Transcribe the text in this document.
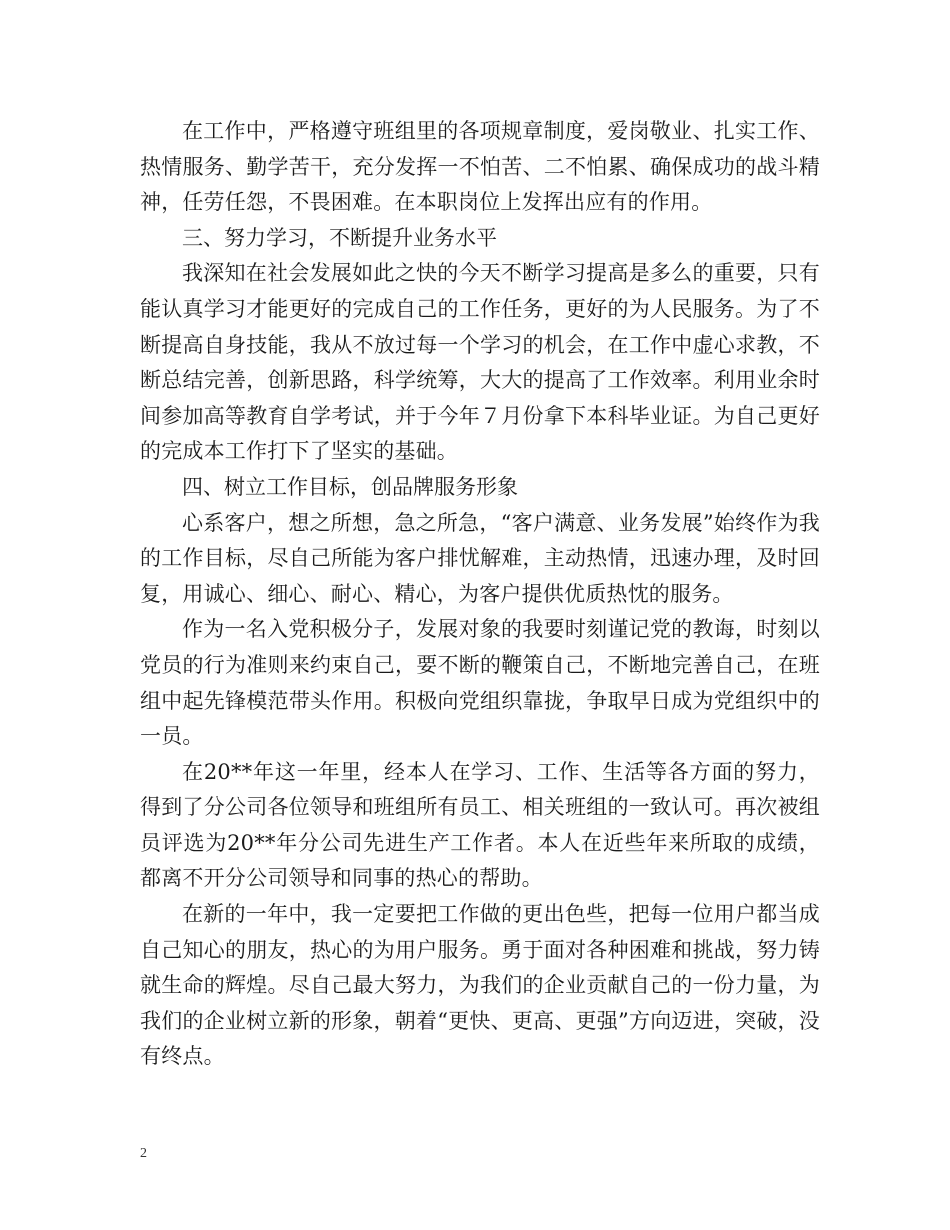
在工作中，严格遵守班组里的各项规章制度，爱岗敬业、扎实工作、热情服务、勤学苦干，充分发挥一不怕苦、二不怕累、确保成功的战斗精神，任劳任怨，不畏困难。在本职岗位上发挥出应有的作用。

三、努力学习，不断提升业务水平

我深知在社会发展如此之快的今天不断学习提高是多么的重要，只有能认真学习才能更好的完成自己的工作任务，更好的为人民服务。为了不断提高自身技能，我从不放过每一个学习的机会，在工作中虚心求教，不断总结完善，创新思路，科学统筹，大大的提高了工作效率。利用业余时间参加高等教育自学考试，并于今年７月份拿下本科毕业证。为自己更好的完成本工作打下了坚实的基础。

四、树立工作目标，创品牌服务形象

心系客户，想之所想，急之所急，“客户满意、业务发展”始终作为我的工作目标，尽自己所能为客户排忧解难，主动热情，迅速办理，及时回复，用诚心、细心、耐心、精心，为客户提供优质热忱的服务。

作为一名入党积极分子，发展对象的我要时刻谨记党的教诲，时刻以党员的行为准则来约束自己，要不断的鞭策自己，不断地完善自己，在班组中起先锋模范带头作用。积极向党组织靠拢，争取早日成为党组织中的一员。

在20**年这一年里，经本人在学习、工作、生活等各方面的努力，得到了分公司各位领导和班组所有员工、相关班组的一致认可。再次被组员评选为20**年分公司先进生产工作者。本人在近些年来所取的成绩，都离不开分公司领导和同事的热心的帮助。

在新的一年中，我一定要把工作做的更出色些，把每一位用户都当成自己知心的朋友，热心的为用户服务。勇于面对各种困难和挑战，努力铸就生命的辉煌。尽自己最大努力，为我们的企业贡献自己的一份力量，为我们的企业树立新的形象，朝着“更快、更高、更强”方向迈进，突破，没有终点。

2
